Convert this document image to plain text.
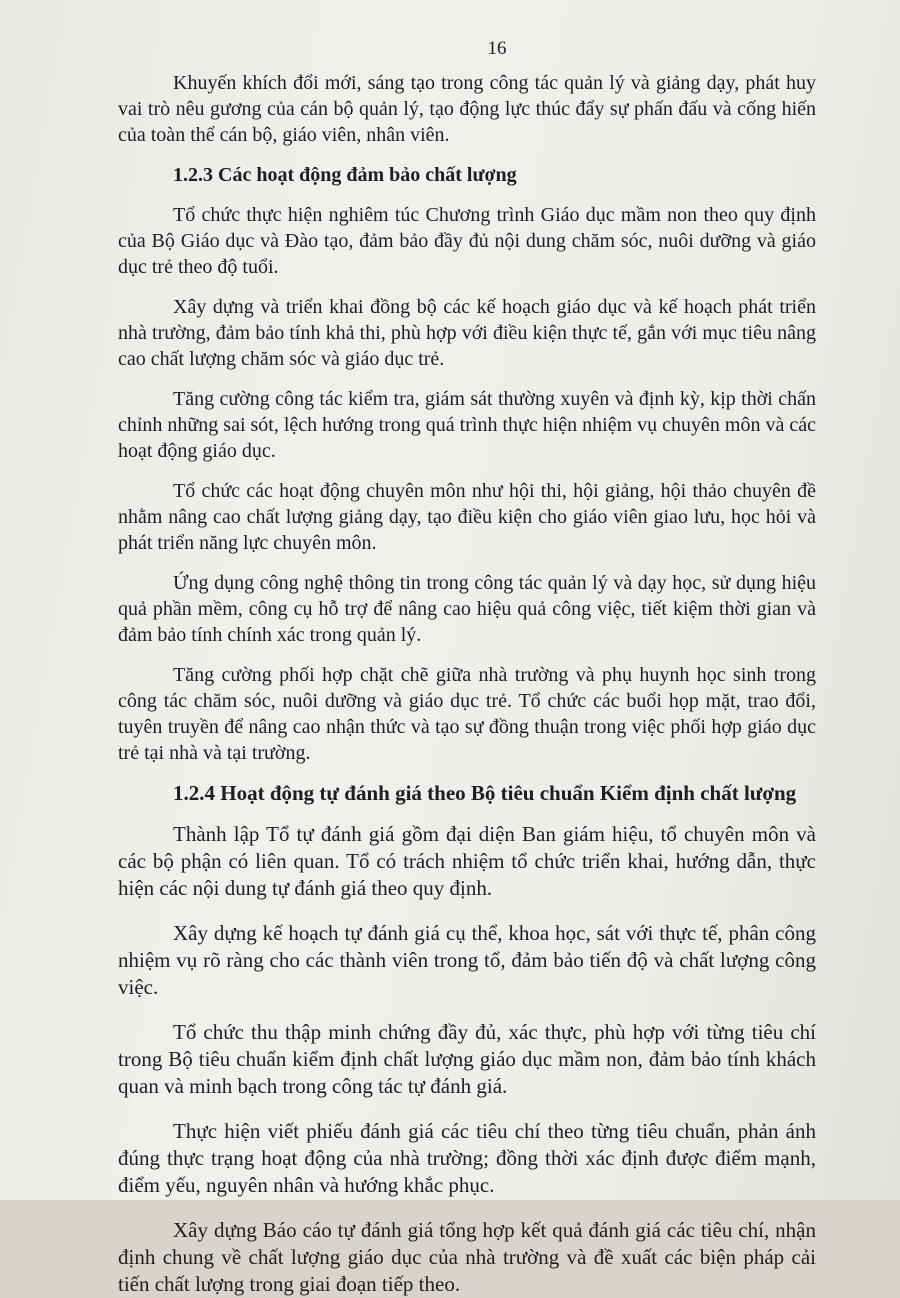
16

Khuyến khích đổi mới, sáng tạo trong công tác quản lý và giảng dạy, phát huy vai trò nêu gương của cán bộ quản lý, tạo động lực thúc đẩy sự phấn đấu và cống hiến của toàn thể cán bộ, giáo viên, nhân viên.

1.2.3 Các hoạt động đảm bảo chất lượng

Tổ chức thực hiện nghiêm túc Chương trình Giáo dục mầm non theo quy định của Bộ Giáo dục và Đào tạo, đảm bảo đầy đủ nội dung chăm sóc, nuôi dưỡng và giáo dục trẻ theo độ tuổi.

Xây dựng và triển khai đồng bộ các kế hoạch giáo dục và kế hoạch phát triển nhà trường, đảm bảo tính khả thi, phù hợp với điều kiện thực tế, gắn với mục tiêu nâng cao chất lượng chăm sóc và giáo dục trẻ.

Tăng cường công tác kiểm tra, giám sát thường xuyên và định kỳ, kịp thời chấn chỉnh những sai sót, lệch hướng trong quá trình thực hiện nhiệm vụ chuyên môn và các hoạt động giáo dục.

Tổ chức các hoạt động chuyên môn như hội thi, hội giảng, hội thảo chuyên đề nhằm nâng cao chất lượng giảng dạy, tạo điều kiện cho giáo viên giao lưu, học hỏi và phát triển năng lực chuyên môn.

Ứng dụng công nghệ thông tin trong công tác quản lý và dạy học, sử dụng hiệu quả phần mềm, công cụ hỗ trợ để nâng cao hiệu quả công việc, tiết kiệm thời gian và đảm bảo tính chính xác trong quản lý.

Tăng cường phối hợp chặt chẽ giữa nhà trường và phụ huynh học sinh trong công tác chăm sóc, nuôi dưỡng và giáo dục trẻ. Tổ chức các buổi họp mặt, trao đổi, tuyên truyền để nâng cao nhận thức và tạo sự đồng thuận trong việc phối hợp giáo dục trẻ tại nhà và tại trường.

1.2.4 Hoạt động tự đánh giá theo Bộ tiêu chuẩn Kiểm định chất lượng

Thành lập Tổ tự đánh giá gồm đại diện Ban giám hiệu, tổ chuyên môn và các bộ phận có liên quan. Tổ có trách nhiệm tổ chức triển khai, hướng dẫn, thực hiện các nội dung tự đánh giá theo quy định.

Xây dựng kế hoạch tự đánh giá cụ thể, khoa học, sát với thực tế, phân công nhiệm vụ rõ ràng cho các thành viên trong tổ, đảm bảo tiến độ và chất lượng công việc.

Tổ chức thu thập minh chứng đầy đủ, xác thực, phù hợp với từng tiêu chí trong Bộ tiêu chuẩn kiểm định chất lượng giáo dục mầm non, đảm bảo tính khách quan và minh bạch trong công tác tự đánh giá.

Thực hiện viết phiếu đánh giá các tiêu chí theo từng tiêu chuẩn, phản ánh đúng thực trạng hoạt động của nhà trường; đồng thời xác định được điểm mạnh, điểm yếu, nguyên nhân và hướng khắc phục.

Xây dựng Báo cáo tự đánh giá tổng hợp kết quả đánh giá các tiêu chí, nhận định chung về chất lượng giáo dục của nhà trường và đề xuất các biện pháp cải tiến chất lượng trong giai đoạn tiếp theo.
